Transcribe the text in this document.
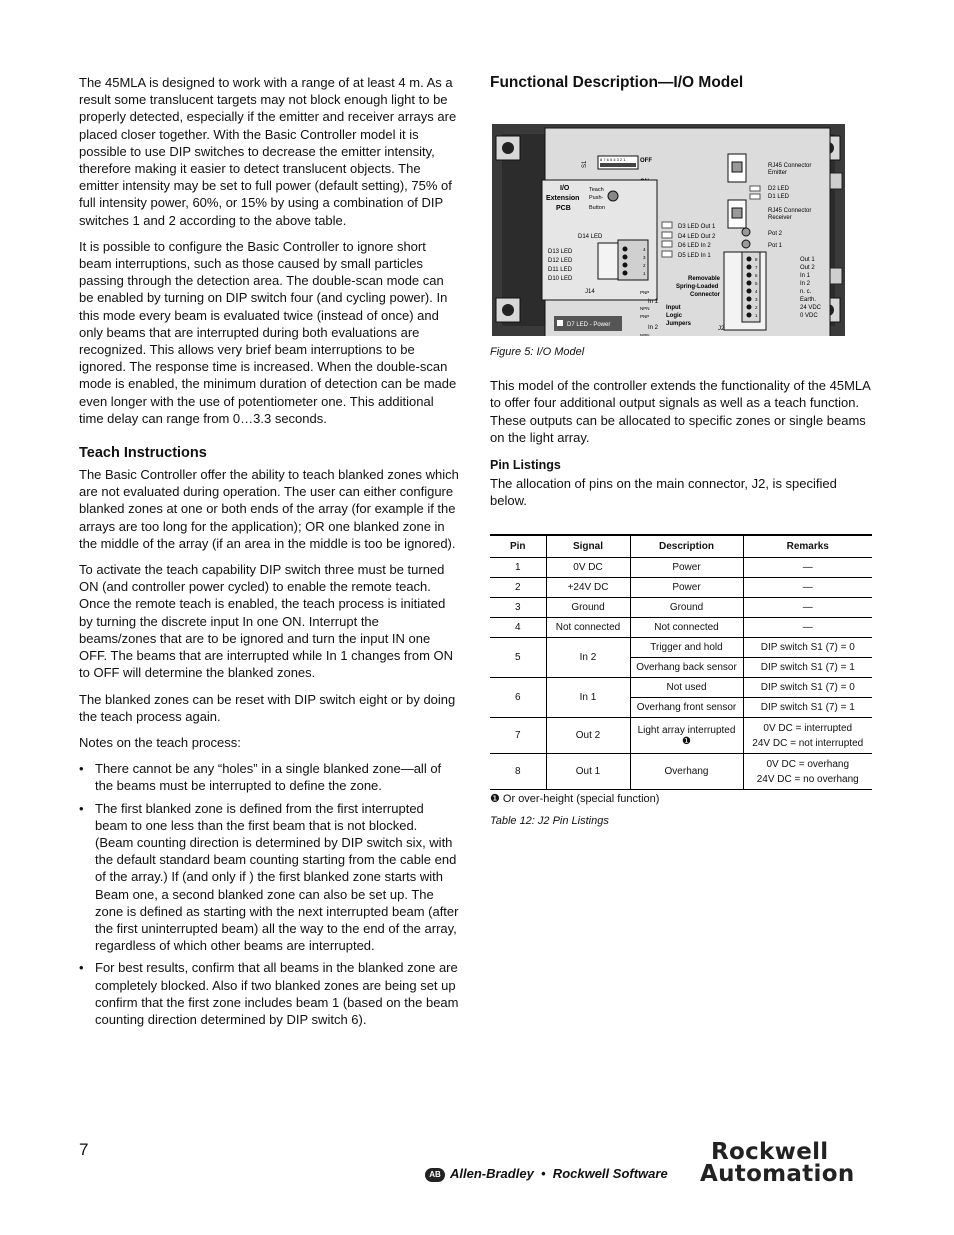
The 45MLA is designed to work with a range of at least 4 m. As a result some translucent targets may not block enough light to be properly detected, especially if the emitter and receiver arrays are placed closer together. With the Basic Controller model it is possible to use DIP switches to decrease the emitter intensity, therefore making it easier to detect translucent objects. The emitter intensity may be set to full power (default setting), 75% of full intensity power, 60%, or 15% by using a combination of DIP switches 1 and 2 according to the above table.

It is possible to configure the Basic Controller to ignore short beam interruptions, such as those caused by small particles passing through the detection area. The double-scan mode can be enabled by turning on DIP switch four (and cycling power). In this mode every beam is evaluated twice (instead of once) and only beams that are interrupted during both evaluations are recognized. This allows very brief beam interruptions to be ignored. The response time is increased. When the double-scan mode is enabled, the minimum duration of detection can be made even longer with the use of potentiometer one. This additional time delay can range from 0…3.3 seconds.

Teach Instructions

The Basic Controller offer the ability to teach blanked zones which are not evaluated during operation. The user can either configure blanked zones at one or both ends of the array (for example if the arrays are too long for the application); OR one blanked zone in the middle of the array (if an area in the middle is too be ignored).

To activate the teach capability DIP switch three must be turned ON (and controller power cycled) to enable the remote teach. Once the remote teach is enabled, the teach process is initiated by turning the discrete input In one ON. Interrupt the beams/zones that are to be ignored and turn the input IN one OFF. The beams that are interrupted while In 1 changes from ON to OFF will determine the blanked zones.

The blanked zones can be reset with DIP switch eight or by doing the teach process again.

Notes on the teach process:

• There cannot be any “holes” in a single blanked zone—all of the beams must be interrupted to define the zone.
• The first blanked zone is defined from the first interrupted beam to one less than the first beam that is not blocked. (Beam counting direction is determined by DIP switch six, with the default standard beam counting starting from the cable end of the array.) If (and only if ) the first blanked zone starts with Beam one, a second blanked zone can also be set up. The zone is defined as starting with the next interrupted beam (after the first uninterrupted beam) all the way to the end of the array, regardless of which other beams are interrupted.
• For best results, confirm that all beams in the blanked zone are completely blocked. Also if two blanked zones are being set up confirm that the first zone includes beam 1 (based on the beam counting direction determined by DIP switch 6).
Functional Description—I/O Model
S1
8 7 6 5 4 3 2 1 OFF
I/O
Extension
PCB
Teach
Push-
Button
D14 LED
D13 LED
D12 LED
D11 LED
D10 LED
J14
4
3
2
1
D3 LED Out 1
D4 LED Out 2
D6 LED In 2
D5 LED In 1
Removable
Spring-Loaded
Connector
PNP
In 1
NPN
PNP
In 2
NPN
Input
Logic
Jumpers
J2
D7 LED - Power
RJ45 Connector
Emitter
D2 LED
D1 LED
RJ45 Connector
Receiver
Pot 2
Pot 1
8
7
6
5
4
3
2
1
Out 1
Out 2
In 1
In 2
n. c.
Earth.
24 VDC
0 VDC

Figure 5: I/O Model

This model of the controller extends the functionality of the 45MLA to offer four additional output signals as well as a teach function. These outputs can be allocated to specific zones or single beams on the light array.

Pin Listings

The allocation of pins on the main connector, J2, is specified below.

Pin	Signal	Description	Remarks
1	0V DC	Power	—
2	+24V DC	Power	—
3	Ground	Ground	—
4	Not connected	Not connected	—
5	In 2	Trigger and hold	DIP switch S1 (7) = 0
		Overhang back sensor	DIP switch S1 (7) = 1
6	In 1	Not used	DIP switch S1 (7) = 0
		Overhang front sensor	DIP switch S1 (7) = 1
7	Out 2	Light array interrupted ❶	0V DC = interrupted
24V DC = not interrupted

8	Out 1	Overhang	0V DC = overhang
24V DC = no overhang
❶ Or over-height (special function)
Table 12: J2 Pin Listings
7
AB Allen-Bradley  •  Rockwell Software
Rockwell
Automation
